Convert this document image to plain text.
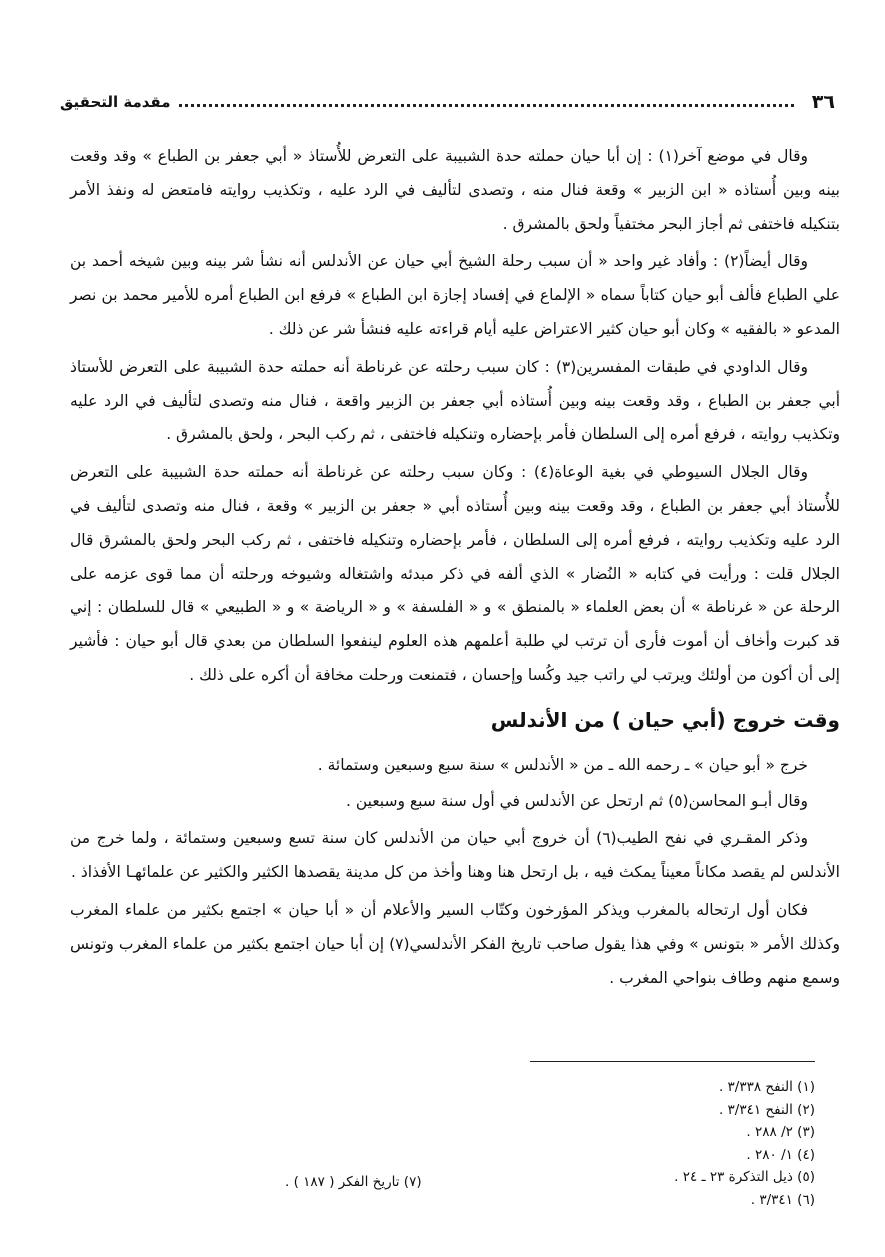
٣٦
مقدمة التحقيق

وقال في موضع آخر(١) : إن أبا حيان حملته حدة الشبيبة على التعرض للأُستاذ « أبي جعفر بن الطباع » وقد وقعت بينه وبين أُستاذه « ابن الزبير » وقعة فنال منه ، وتصدى لتأليف في الرد عليه ، وتكذيب روايته فامتعض له ونفذ الأمر بتنكيله فاختفى ثم أجاز البحر مختفياً ولحق بالمشرق .

وقال أيضاً(٢) : وأفاد غير واحد « أن سبب رحلة الشيخ أبي حيان عن الأندلس أنه نشأ شر بينه وبين شيخه أحمد بن علي الطباع فألف أبو حيان كتاباً سماه « الإلماع في إفساد إجازة ابن الطباع » فرفع ابن الطباع أمره للأمير محمد بن نصر المدعو « بالفقيه » وكان أبو حيان كثير الاعتراض عليه أيام قراءته عليه فنشأ شر عن ذلك .

وقال الداودي في طبقات المفسرين(٣) : كان سبب رحلته عن غرناطة أنه حملته حدة الشبيبة على التعرض للأستاذ أبي جعفر بن الطباع ، وقد وقعت بينه وبين أُستاذه أبي جعفر بن الزبير واقعة ، فنال منه وتصدى لتأليف في الرد عليه وتكذيب روايته ، فرفع أمره إلى السلطان فأمر بإحضاره وتنكيله فاختفى ، ثم ركب البحر ، ولحق بالمشرق .

وقال الجلال السيوطي في بغية الوعاة(٤) : وكان سبب رحلته عن غرناطة أنه حملته حدة الشبيبة على التعرض للأُستاذ أبي جعفر بن الطباع ، وقد وقعت بينه وبين أُستاذه أبي « جعفر بن الزبير » وقعة ، فنال منه وتصدى لتأليف في الرد عليه وتكذيب روايته ، فرفع أمره إلى السلطان ، فأمر بإحضاره وتنكيله فاختفى ، ثم ركب البحر ولحق بالمشرق قال الجلال قلت : ورأيت في كتابه « النُضار » الذي ألفه في ذكر مبدئه واشتغاله وشيوخه ورحلته أن مما قوى عزمه على الرحلة عن « غرناطة » أن بعض العلماء « بالمنطق » و « الفلسفة » و « الرياضة » و « الطبيعي » قال للسلطان : إني قد كبرت وأخاف أن أموت فأرى أن ترتب لي طلبة أعلمهم هذه العلوم لينفعوا السلطان من بعدي قال أبو حيان : فأشير إلى أن أكون من أولئك ويرتب لي راتب جيد وكُسا وإحسان ، فتمنعت ورحلت مخافة أن أكره على ذلك .

وقت خروج (أبي حيان ) من الأندلس

خرج « أبو حيان » ـ رحمه الله ـ من « الأندلس » سنة سبع وسبعين وستمائة .

وقال أبـو المحاسن(٥) ثم ارتحل عن الأندلس في أول سنة سبع وسبعين .

وذكر المقـري في نفح الطيب(٦) أن خروج أبي حيان من الأندلس كان سنة تسع وسبعين وستمائة ، ولما خرج من الأندلس لم يقصد مكاناً معيناً يمكث فيه ، بل ارتحل هنا وهنا وأخذ من كل مدينة يقصدها الكثير والكثير عن علمائهـا الأفذاذ .

فكان أول ارتحاله بالمغرب ويذكر المؤرخون وكتّاب السير والأعلام أن « أبا حيان » اجتمع بكثير من علماء المغرب وكذلك الأمر « بتونس » وفي هذا يقول صاحب تاريخ الفكر الأندلسي(٧) إن أبا حيان اجتمع بكثير من علماء المغرب وتونس وسمع منهم وطاف بنواحي المغرب .

(١) النفح ٣/٣٣٨ .
(٢) النفح ٣/٣٤١ .
(٣) ٢/ ٢٨٨ .
(٤) ١/ ٢٨٠ .
(٥) ذيل التذكرة ٢٣ ـ ٢٤ .
(٦) ٣/٣٤١ .
(٧) تاريخ الفكر ( ١٨٧ ) .
